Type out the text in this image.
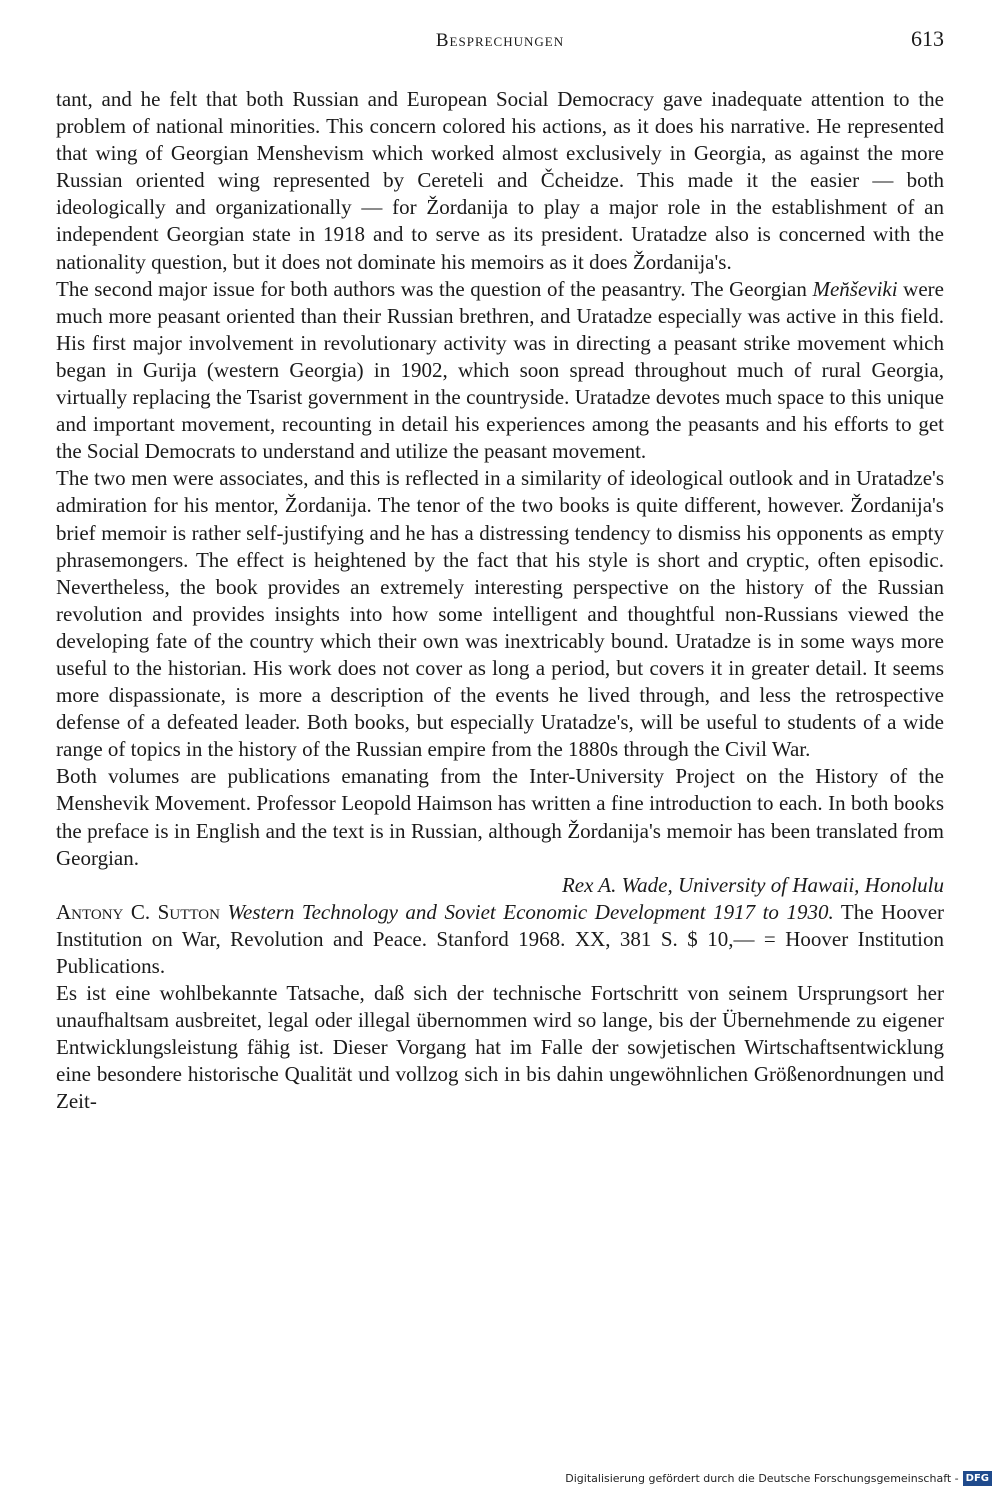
Besprechungen	613

tant, and he felt that both Russian and European Social Democracy gave inadequate attention to the problem of national minorities. This concern colored his actions, as it does his narrative. He represented that wing of Georgian Menshevism which worked almost exclusively in Georgia, as against the more Russian oriented wing represented by Cereteli and Čcheidze. This made it the easier — both ideologically and organizationally — for Žordanija to play a major role in the establishment of an independent Georgian state in 1918 and to serve as its president. Uratadze also is concerned with the nationality question, but it does not dominate his memoirs as it does Žordanija's.

The second major issue for both authors was the question of the peasantry. The Georgian Men̆ševiki were much more peasant oriented than their Russian brethren, and Uratadze especially was active in this field. His first major involvement in revolutionary activity was in directing a peasant strike movement which began in Gurija (western Georgia) in 1902, which soon spread throughout much of rural Georgia, virtually replacing the Tsarist government in the countryside. Uratadze devotes much space to this unique and important movement, recounting in detail his experiences among the peasants and his efforts to get the Social Democrats to understand and utilize the peasant movement.

The two men were associates, and this is reflected in a similarity of ideological outlook and in Uratadze's admiration for his mentor, Žordanija. The tenor of the two books is quite different, however. Žordanija's brief memoir is rather self-justifying and he has a distressing tendency to dismiss his opponents as empty phrasemongers. The effect is heightened by the fact that his style is short and cryptic, often episodic. Nevertheless, the book provides an extremely interesting perspective on the history of the Russian revolution and provides insights into how some intelligent and thoughtful non-Russians viewed the developing fate of the country which their own was inextricably bound. Uratadze is in some ways more useful to the historian. His work does not cover as long a period, but covers it in greater detail. It seems more dispassionate, is more a description of the events he lived through, and less the retrospective defense of a defeated leader. Both books, but especially Uratadze's, will be useful to students of a wide range of topics in the history of the Russian empire from the 1880s through the Civil War.

Both volumes are publications emanating from the Inter-University Project on the History of the Menshevik Movement. Professor Leopold Haimson has written a fine introduction to each. In both books the preface is in English and the text is in Russian, although Žordanija's memoir has been translated from Georgian.

Rex A. Wade, University of Hawaii, Honolulu

Antony C. Sutton Western Technology and Soviet Economic Development 1917 to 1930. The Hoover Institution on War, Revolution and Peace. Stanford 1968. XX, 381 S. $ 10,— = Hoover Institution Publications.

Es ist eine wohlbekannte Tatsache, daß sich der technische Fortschritt von seinem Ursprungsort her unaufhaltsam ausbreitet, legal oder illegal übernommen wird so lange, bis der Übernehmende zu eigener Entwicklungsleistung fähig ist. Dieser Vorgang hat im Falle der sowjetischen Wirtschaftsentwicklung eine besondere historische Qualität und vollzog sich in bis dahin ungewöhnlichen Größenordnungen und Zeit-

Digitalisierung gefördert durch die Deutsche Forschungsgemeinschaft - DFG
